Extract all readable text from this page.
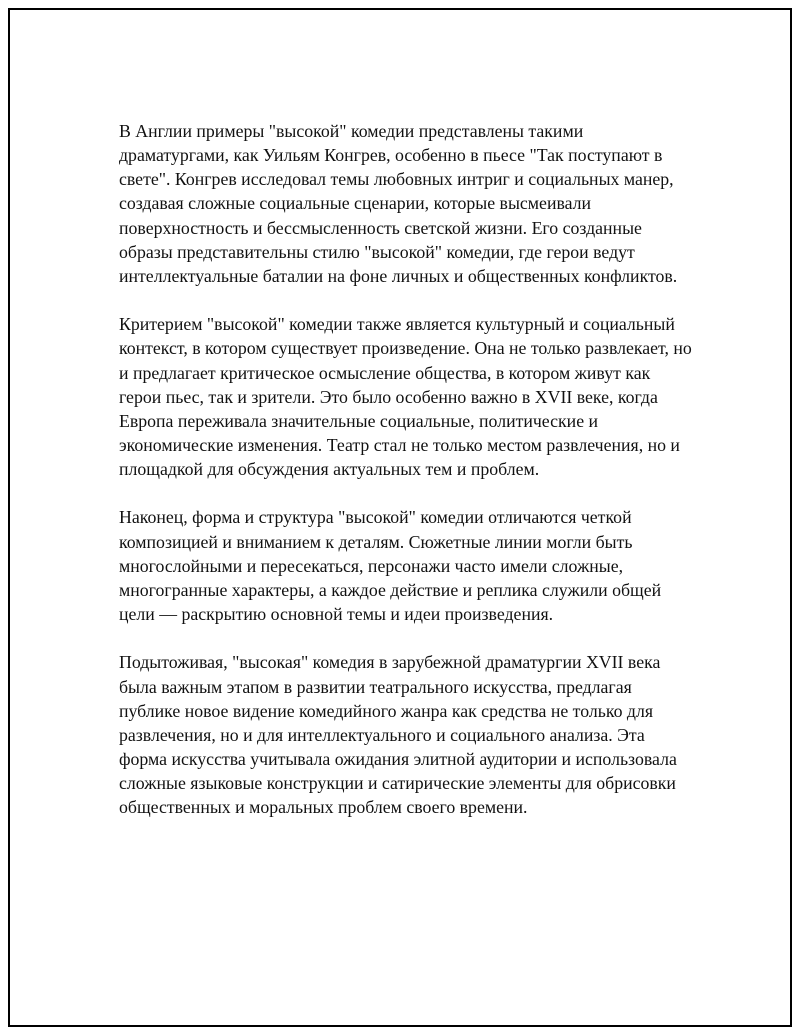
В Англии примеры "высокой" комедии представлены такими драматургами, как Уильям Конгрев, особенно в пьесе "Так поступают в свете". Конгрев исследовал темы любовных интриг и социальных манер, создавая сложные социальные сценарии, которые высмеивали поверхностность и бессмысленность светской жизни. Его созданные образы представительны стилю "высокой" комедии, где герои ведут интеллектуальные баталии на фоне личных и общественных конфликтов.

Критерием "высокой" комедии также является культурный и социальный контекст, в котором существует произведение. Она не только развлекает, но и предлагает критическое осмысление общества, в котором живут как герои пьес, так и зрители. Это было особенно важно в XVII веке, когда Европа переживала значительные социальные, политические и экономические изменения. Театр стал не только местом развлечения, но и площадкой для обсуждения актуальных тем и проблем.

Наконец, форма и структура "высокой" комедии отличаются четкой композицией и вниманием к деталям. Сюжетные линии могли быть многослойными и пересекаться, персонажи часто имели сложные, многогранные характеры, а каждое действие и реплика служили общей цели — раскрытию основной темы и идеи произведения.

Подытоживая, "высокая" комедия в зарубежной драматургии XVII века была важным этапом в развитии театрального искусства, предлагая публике новое видение комедийного жанра как средства не только для развлечения, но и для интеллектуального и социального анализа. Эта форма искусства учитывала ожидания элитной аудитории и использовала сложные языковые конструкции и сатирические элементы для обрисовки общественных и моральных проблем своего времени.
